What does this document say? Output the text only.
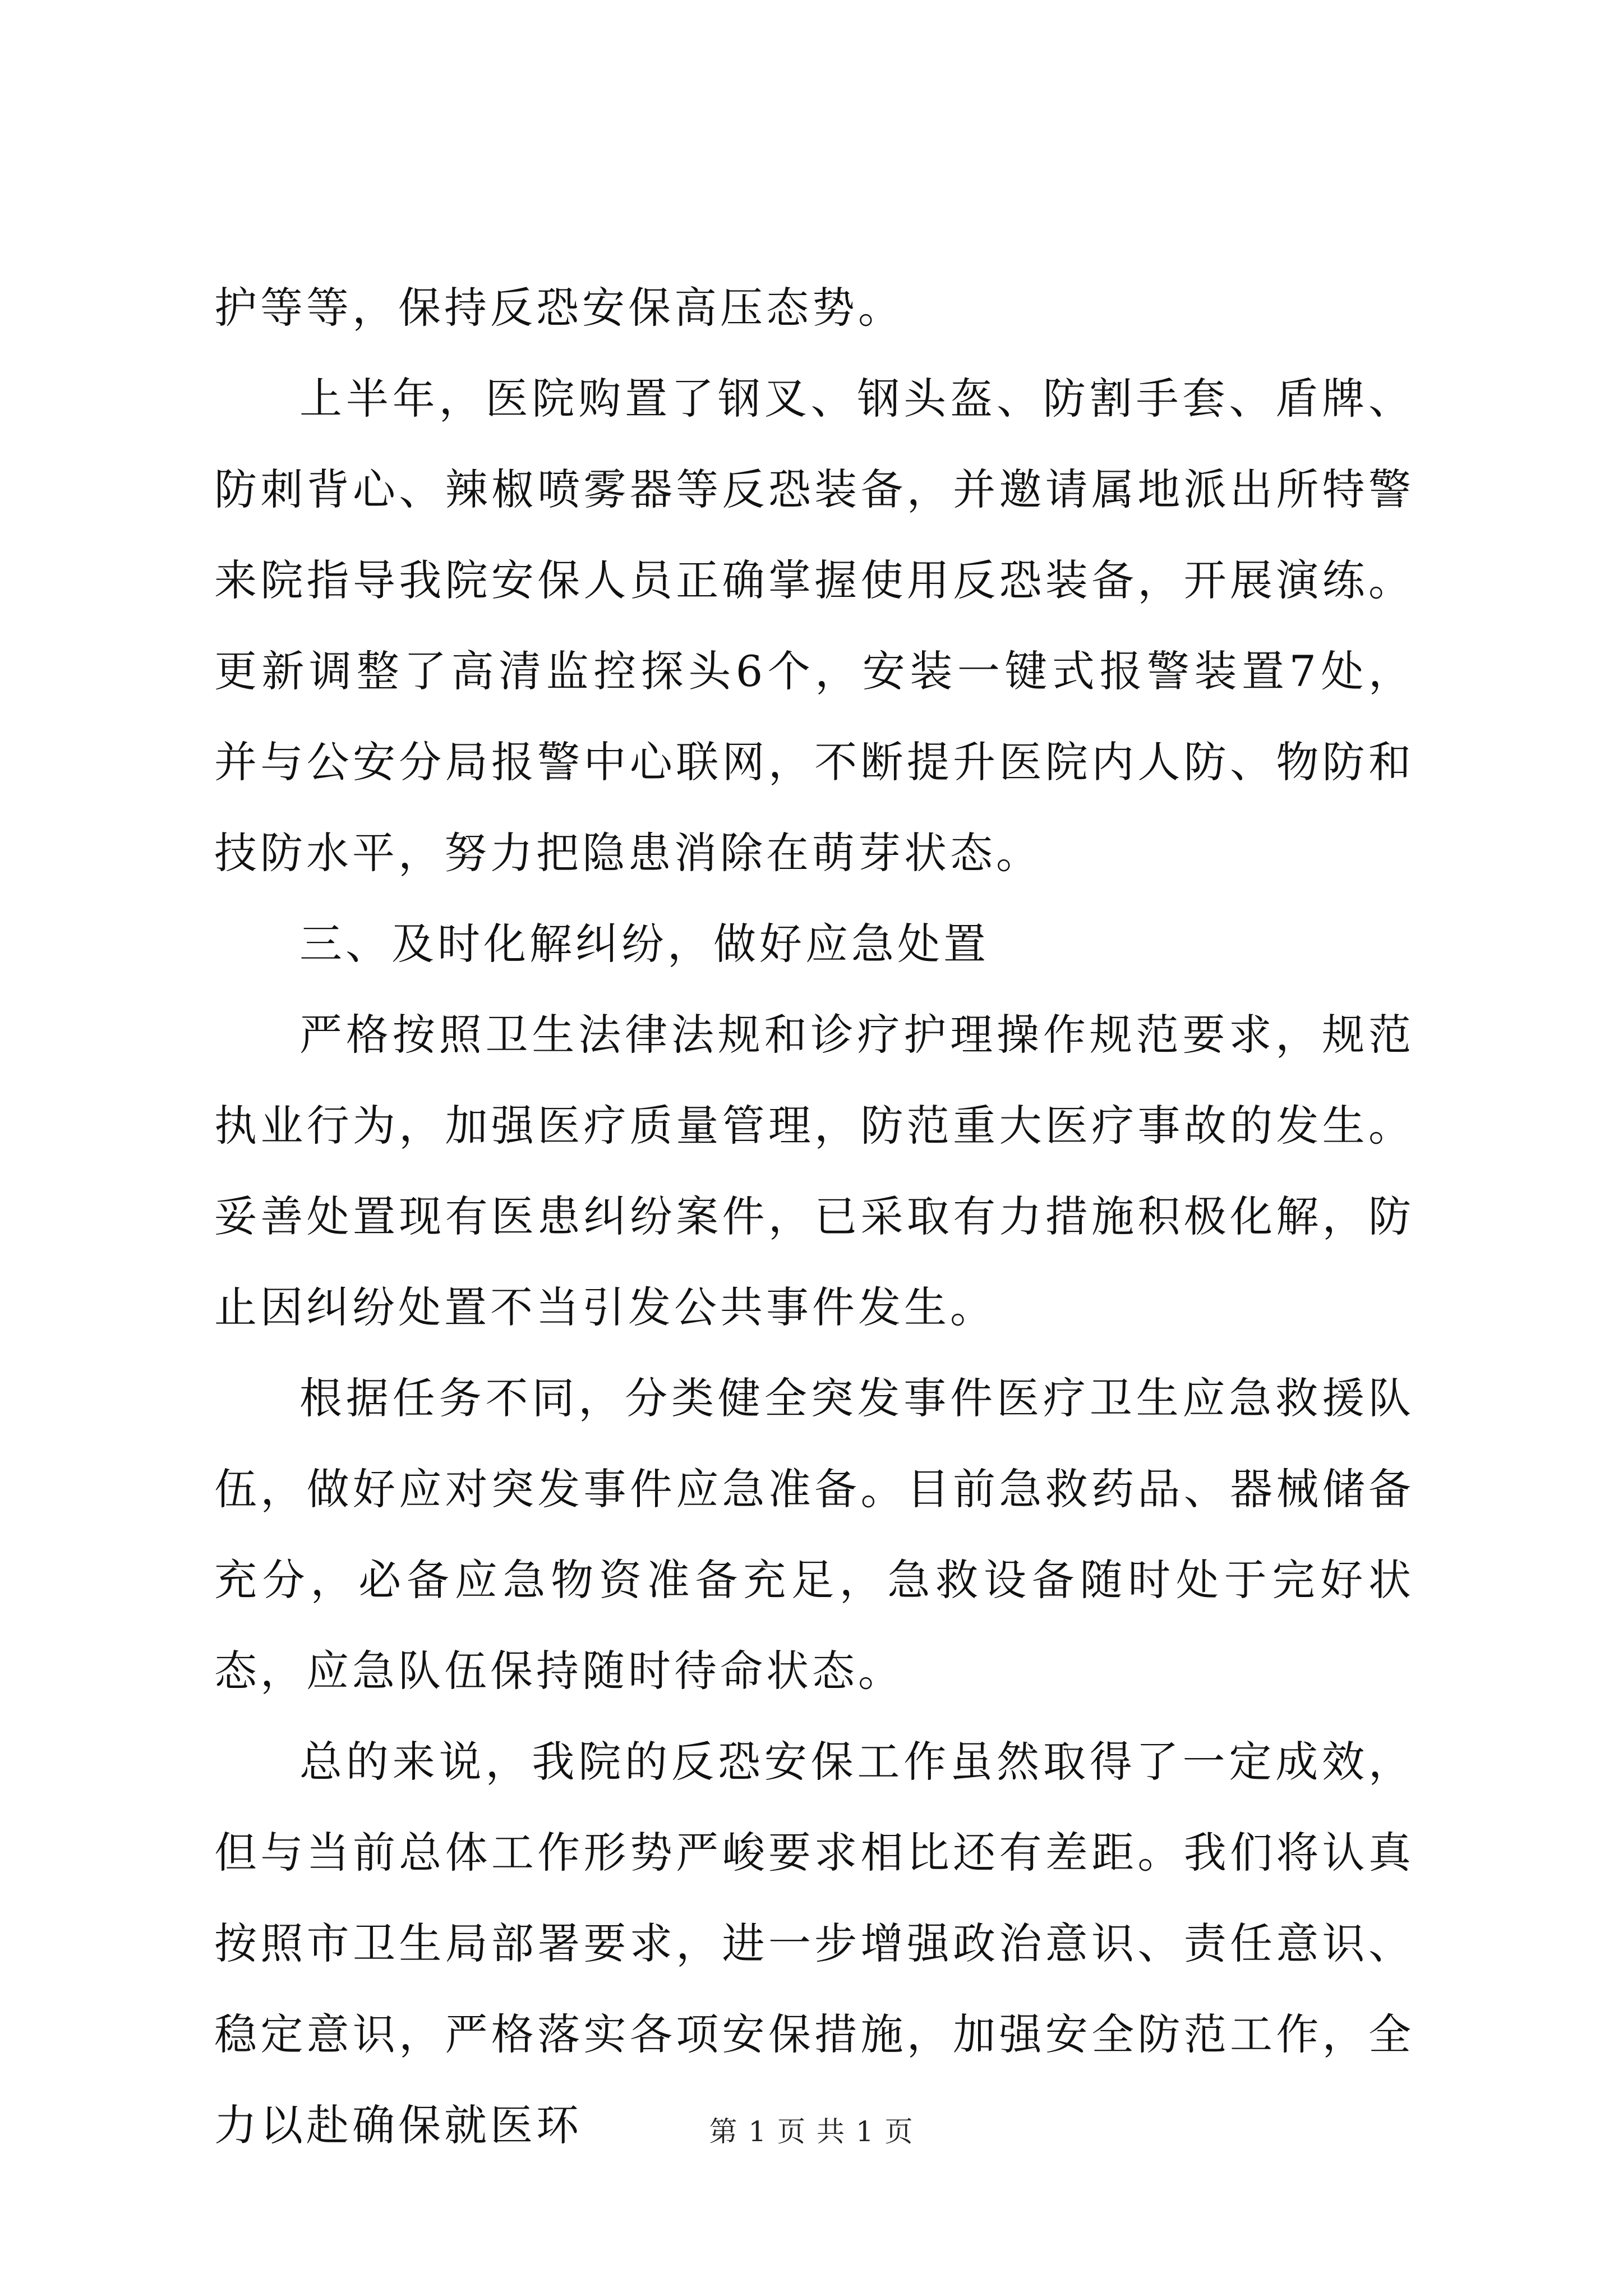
护等等，保持反恐安保高压态势。

上半年，医院购置了钢叉、钢头盔、防割手套、盾牌、防刺背心、辣椒喷雾器等反恐装备，并邀请属地派出所特警来院指导我院安保人员正确掌握使用反恐装备，开展演练。更新调整了高清监控探头6个，安装一键式报警装置7处，并与公安分局报警中心联网，不断提升医院内人防、物防和技防水平，努力把隐患消除在萌芽状态。

三、及时化解纠纷，做好应急处置

严格按照卫生法律法规和诊疗护理操作规范要求，规范执业行为，加强医疗质量管理，防范重大医疗事故的发生。妥善处置现有医患纠纷案件，已采取有力措施积极化解，防止因纠纷处置不当引发公共事件发生。

根据任务不同，分类健全突发事件医疗卫生应急救援队伍，做好应对突发事件应急准备。目前急救药品、器械储备充分，必备应急物资准备充足，急救设备随时处于完好状态，应急队伍保持随时待命状态。

总的来说，我院的反恐安保工作虽然取得了一定成效，但与当前总体工作形势严峻要求相比还有差距。我们将认真按照市卫生局部署要求，进一步增强政治意识、责任意识、稳定意识，严格落实各项安保措施，加强安全防范工作，全力以赴确保就医环	第 1 页 共 1 页
